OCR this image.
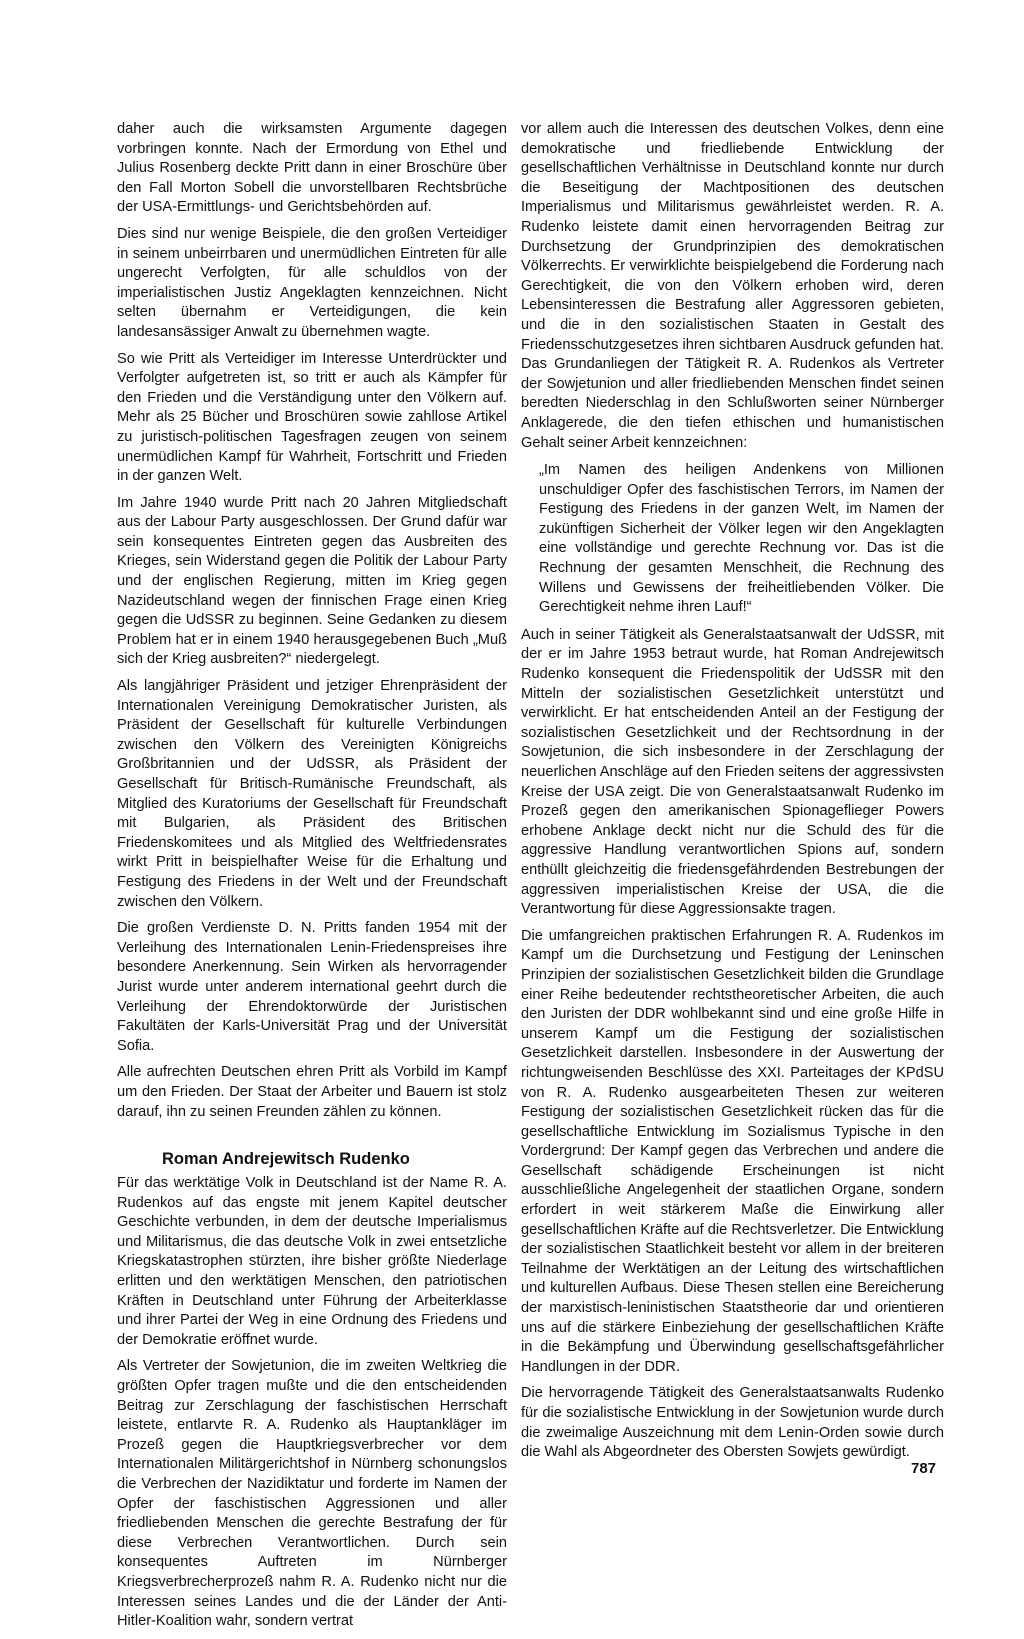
daher auch die wirksamsten Argumente dagegen vorbringen konnte. Nach der Ermordung von Ethel und Julius Rosenberg deckte Pritt dann in einer Broschüre über den Fall Morton Sobell die unvorstellbaren Rechtsbrüche der USA-Ermittlungs- und Gerichtsbehörden auf.

Dies sind nur wenige Beispiele, die den großen Verteidiger in seinem unbeirrbaren und unermüdlichen Eintreten für alle ungerecht Verfolgten, für alle schuldlos von der imperialistischen Justiz Angeklagten kennzeichnen. Nicht selten übernahm er Verteidigungen, die kein landesansässiger Anwalt zu übernehmen wagte.

So wie Pritt als Verteidiger im Interesse Unterdrückter und Verfolgter aufgetreten ist, so tritt er auch als Kämpfer für den Frieden und die Verständigung unter den Völkern auf. Mehr als 25 Bücher und Broschüren sowie zahllose Artikel zu juristisch-politischen Tagesfragen zeugen von seinem unermüdlichen Kampf für Wahrheit, Fortschritt und Frieden in der ganzen Welt.

Im Jahre 1940 wurde Pritt nach 20 Jahren Mitgliedschaft aus der Labour Party ausgeschlossen. Der Grund dafür war sein konsequentes Eintreten gegen das Ausbreiten des Krieges, sein Widerstand gegen die Politik der Labour Party und der englischen Regierung, mitten im Krieg gegen Nazideutschland wegen der finnischen Frage einen Krieg gegen die UdSSR zu beginnen. Seine Gedanken zu diesem Problem hat er in einem 1940 herausgegebenen Buch „Muß sich der Krieg ausbreiten?“ niedergelegt.

Als langjähriger Präsident und jetziger Ehrenpräsident der Internationalen Vereinigung Demokratischer Juristen, als Präsident der Gesellschaft für kulturelle Verbindungen zwischen den Völkern des Vereinigten Königreichs Großbritannien und der UdSSR, als Präsident der Gesellschaft für Britisch-Rumänische Freundschaft, als Mitglied des Kuratoriums der Gesellschaft für Freundschaft mit Bulgarien, als Präsident des Britischen Friedenskomitees und als Mitglied des Weltfriedensrates wirkt Pritt in beispielhafter Weise für die Erhaltung und Festigung des Friedens in der Welt und der Freundschaft zwischen den Völkern.

Die großen Verdienste D. N. Pritts fanden 1954 mit der Verleihung des Internationalen Lenin-Friedenspreises ihre besondere Anerkennung. Sein Wirken als hervorragender Jurist wurde unter anderem international geehrt durch die Verleihung der Ehrendoktorwürde der Juristischen Fakultäten der Karls-Universität Prag und der Universität Sofia.

Alle aufrechten Deutschen ehren Pritt als Vorbild im Kampf um den Frieden. Der Staat der Arbeiter und Bauern ist stolz darauf, ihn zu seinen Freunden zählen zu können.

Roman Andrejewitsch Rudenko

Für das werktätige Volk in Deutschland ist der Name R. A. Rudenkos auf das engste mit jenem Kapitel deutscher Geschichte verbunden, in dem der deutsche Imperialismus und Militarismus, die das deutsche Volk in zwei entsetzliche Kriegskatastrophen stürzten, ihre bisher größte Niederlage erlitten und den werktätigen Menschen, den patriotischen Kräften in Deutschland unter Führung der Arbeiterklasse und ihrer Partei der Weg in eine Ordnung des Friedens und der Demokratie eröffnet wurde.

Als Vertreter der Sowjetunion, die im zweiten Weltkrieg die größten Opfer tragen mußte und die den entscheidenden Beitrag zur Zerschlagung der faschistischen Herrschaft leistete, entlarvte R. A. Rudenko als Hauptankläger im Prozeß gegen die Hauptkriegsverbrecher vor dem Internationalen Militärgerichtshof in Nürnberg schonungslos die Verbrechen der Nazidiktatur und forderte im Namen der Opfer der faschistischen Aggressionen und aller friedliebenden Menschen die gerechte Bestrafung der für diese Verbrechen Verantwortlichen. Durch sein konsequentes Auftreten im Nürnberger Kriegsverbrecherprozeß nahm R. A. Rudenko nicht nur die Interessen seines Landes und die der Länder der Anti-Hitler-Koalition wahr, sondern vertrat

vor allem auch die Interessen des deutschen Volkes, denn eine demokratische und friedliebende Entwicklung der gesellschaftlichen Verhältnisse in Deutschland konnte nur durch die Beseitigung der Machtpositionen des deutschen Imperialismus und Militarismus gewährleistet werden. R. A. Rudenko leistete damit einen hervorragenden Beitrag zur Durchsetzung der Grundprinzipien des demokratischen Völkerrechts. Er verwirklichte beispielgebend die Forderung nach Gerechtigkeit, die von den Völkern erhoben wird, deren Lebensinteressen die Bestrafung aller Aggressoren gebieten, und die in den sozialistischen Staaten in Gestalt des Friedensschutzgesetzes ihren sichtbaren Ausdruck gefunden hat. Das Grundanliegen der Tätigkeit R. A. Rudenkos als Vertreter der Sowjetunion und aller friedliebenden Menschen findet seinen beredten Niederschlag in den Schlußworten seiner Nürnberger Anklagerede, die den tiefen ethischen und humanistischen Gehalt seiner Arbeit kennzeichnen:

„Im Namen des heiligen Andenkens von Millionen unschuldiger Opfer des faschistischen Terrors, im Namen der Festigung des Friedens in der ganzen Welt, im Namen der zukünftigen Sicherheit der Völker legen wir den Angeklagten eine vollständige und gerechte Rechnung vor. Das ist die Rechnung der gesamten Menschheit, die Rechnung des Willens und Gewissens der freiheitliebenden Völker. Die Gerechtigkeit nehme ihren Lauf!“

Auch in seiner Tätigkeit als Generalstaatsanwalt der UdSSR, mit der er im Jahre 1953 betraut wurde, hat Roman Andrejewitsch Rudenko konsequent die Friedenspolitik der UdSSR mit den Mitteln der sozialistischen Gesetzlichkeit unterstützt und verwirklicht. Er hat entscheidenden Anteil an der Festigung der sozialistischen Gesetzlichkeit und der Rechtsordnung in der Sowjetunion, die sich insbesondere in der Zerschlagung der neuerlichen Anschläge auf den Frieden seitens der aggressivsten Kreise der USA zeigt. Die von Generalstaatsanwalt Rudenko im Prozeß gegen den amerikanischen Spionageflieger Powers erhobene Anklage deckt nicht nur die Schuld des für die aggressive Handlung verantwortlichen Spions auf, sondern enthüllt gleichzeitig die friedensgefährdenden Bestrebungen der aggressiven imperialistischen Kreise der USA, die die Verantwortung für diese Aggressionsakte tragen.

Die umfangreichen praktischen Erfahrungen R. A. Rudenkos im Kampf um die Durchsetzung und Festigung der Leninschen Prinzipien der sozialistischen Gesetzlichkeit bilden die Grundlage einer Reihe bedeutender rechtstheoretischer Arbeiten, die auch den Juristen der DDR wohlbekannt sind und eine große Hilfe in unserem Kampf um die Festigung der sozialistischen Gesetzlichkeit darstellen. Insbesondere in der Auswertung der richtungweisenden Beschlüsse des XXI. Parteitages der KPdSU von R. A. Rudenko ausgearbeiteten Thesen zur weiteren Festigung der sozialistischen Gesetzlichkeit rücken das für die gesellschaftliche Entwicklung im Sozialismus Typische in den Vordergrund: Der Kampf gegen das Verbrechen und andere die Gesellschaft schädigende Erscheinungen ist nicht ausschließliche Angelegenheit der staatlichen Organe, sondern erfordert in weit stärkerem Maße die Einwirkung aller gesellschaftlichen Kräfte auf die Rechtsverletzer. Die Entwicklung der sozialistischen Staatlichkeit besteht vor allem in der breiteren Teilnahme der Werktätigen an der Leitung des wirtschaftlichen und kulturellen Aufbaus. Diese Thesen stellen eine Bereicherung der marxistisch-leninistischen Staatstheorie dar und orientieren uns auf die stärkere Einbeziehung der gesellschaftlichen Kräfte in die Bekämpfung und Überwindung gesellschaftsgefährlicher Handlungen in der DDR.

Die hervorragende Tätigkeit des Generalstaatsanwalts Rudenko für die sozialistische Entwicklung in der Sowjetunion wurde durch die zweimalige Auszeichnung mit dem Lenin-Orden sowie durch die Wahl als Abgeordneter des Obersten Sowjets gewürdigt.

787
